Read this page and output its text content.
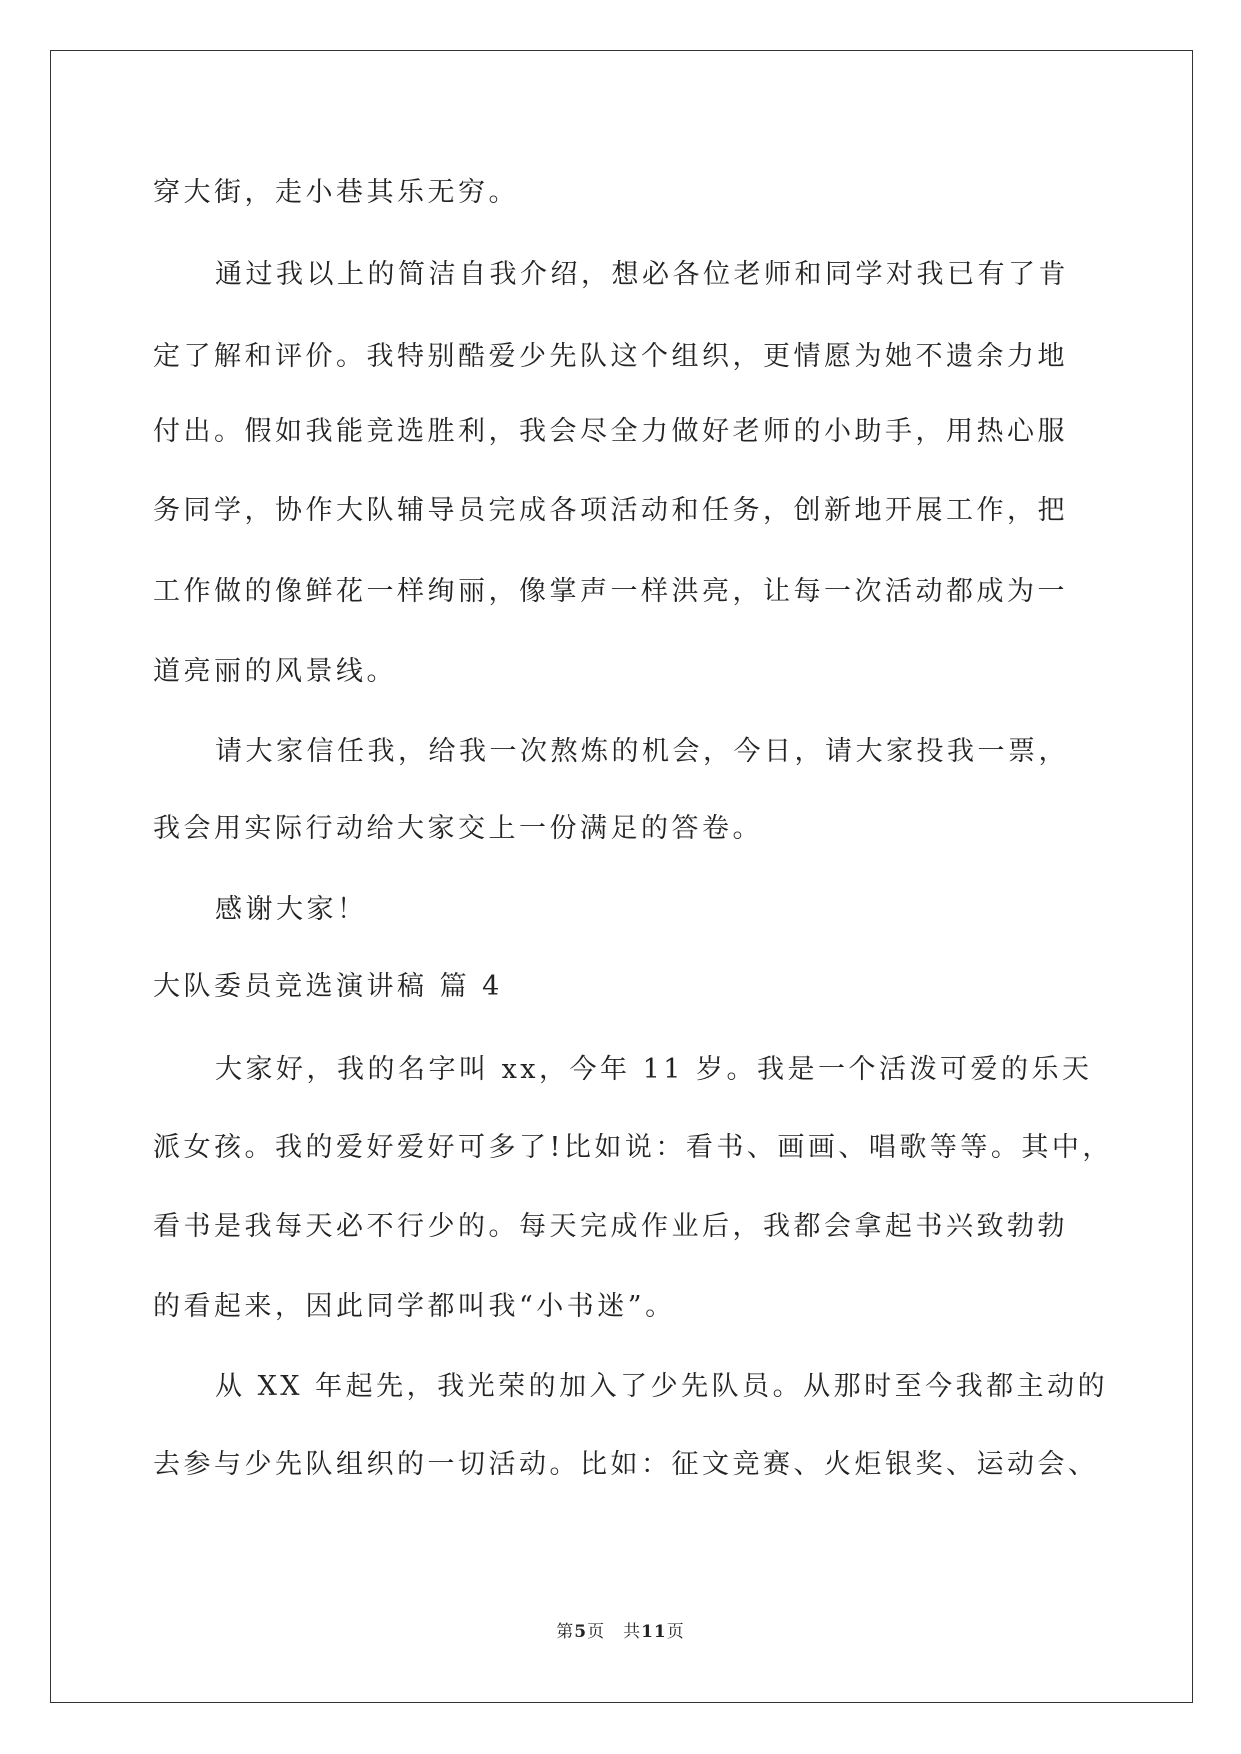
穿大街，走小巷其乐无穷。
通过我以上的简洁自我介绍，想必各位老师和同学对我已有了肯
定了解和评价。我特别酷爱少先队这个组织，更情愿为她不遗余力地
付出。假如我能竞选胜利，我会尽全力做好老师的小助手，用热心服
务同学，协作大队辅导员完成各项活动和任务，创新地开展工作，把
工作做的像鲜花一样绚丽，像掌声一样洪亮，让每一次活动都成为一
道亮丽的风景线。
请大家信任我，给我一次熬炼的机会，今日，请大家投我一票，
我会用实际行动给大家交上一份满足的答卷。
感谢大家！
大队委员竞选演讲稿 篇 4
大家好，我的名字叫 xx，今年 11 岁。我是一个活泼可爱的乐天
派女孩。我的爱好爱好可多了!比如说：看书、画画、唱歌等等。其中，
看书是我每天必不行少的。每天完成作业后，我都会拿起书兴致勃勃
的看起来，因此同学都叫我“小书迷”。
从 XX 年起先，我光荣的加入了少先队员。从那时至今我都主动的
去参与少先队组织的一切活动。比如：征文竞赛、火炬银奖、运动会、
第5页　共11页
